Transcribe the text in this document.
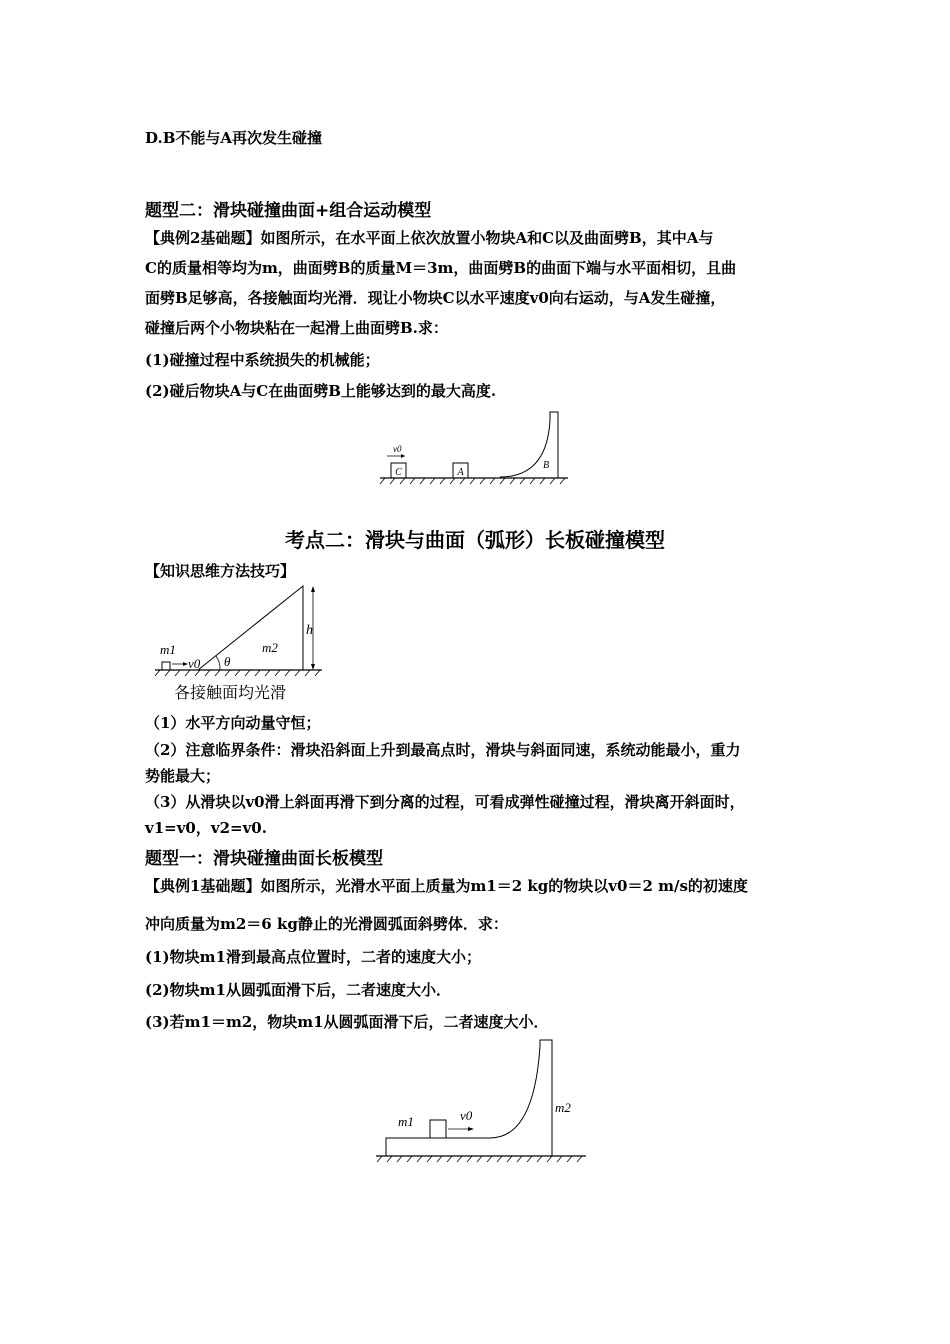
D.B不能与A再次发生碰撞
题型二：滑块碰撞曲面+组合运动模型
【典例2基础题】如图所示，在水平面上依次放置小物块A和C以及曲面劈B，其中A与
C的质量相等均为m，曲面劈B的质量M＝3m，曲面劈B的曲面下端与水平面相切，且曲
面劈B足够高，各接触面均光滑．现让小物块C以水平速度v0向右运动，与A发生碰撞，
碰撞后两个小物块粘在一起滑上曲面劈B.求：
(1)碰撞过程中系统损失的机械能；
(2)碰后物块A与C在曲面劈B上能够达到的最大高度.
C
v0
A
B
考点二：滑块与曲面（弧形）长板碰撞模型
【知识思维方法技巧】
θ
m1
v0
m2
h
各接触面均光滑
（1）水平方向动量守恒；
（2）注意临界条件：滑块沿斜面上升到最高点时，滑块与斜面同速，系统动能最小，重力
势能最大；
（3）从滑块以v0滑上斜面再滑下到分离的过程，可看成弹性碰撞过程，滑块离开斜面时，
v1=v0，v2=v0.
题型一：滑块碰撞曲面长板模型
【典例1基础题】如图所示，光滑水平面上质量为m1＝2 kg的物块以v0＝2 m/s的初速度
冲向质量为m2＝6 kg静止的光滑圆弧面斜劈体．求：
(1)物块m1滑到最高点位置时，二者的速度大小；
(2)物块m1从圆弧面滑下后，二者速度大小．
(3)若m1＝m2，物块m1从圆弧面滑下后，二者速度大小．
m1	v0
m2
